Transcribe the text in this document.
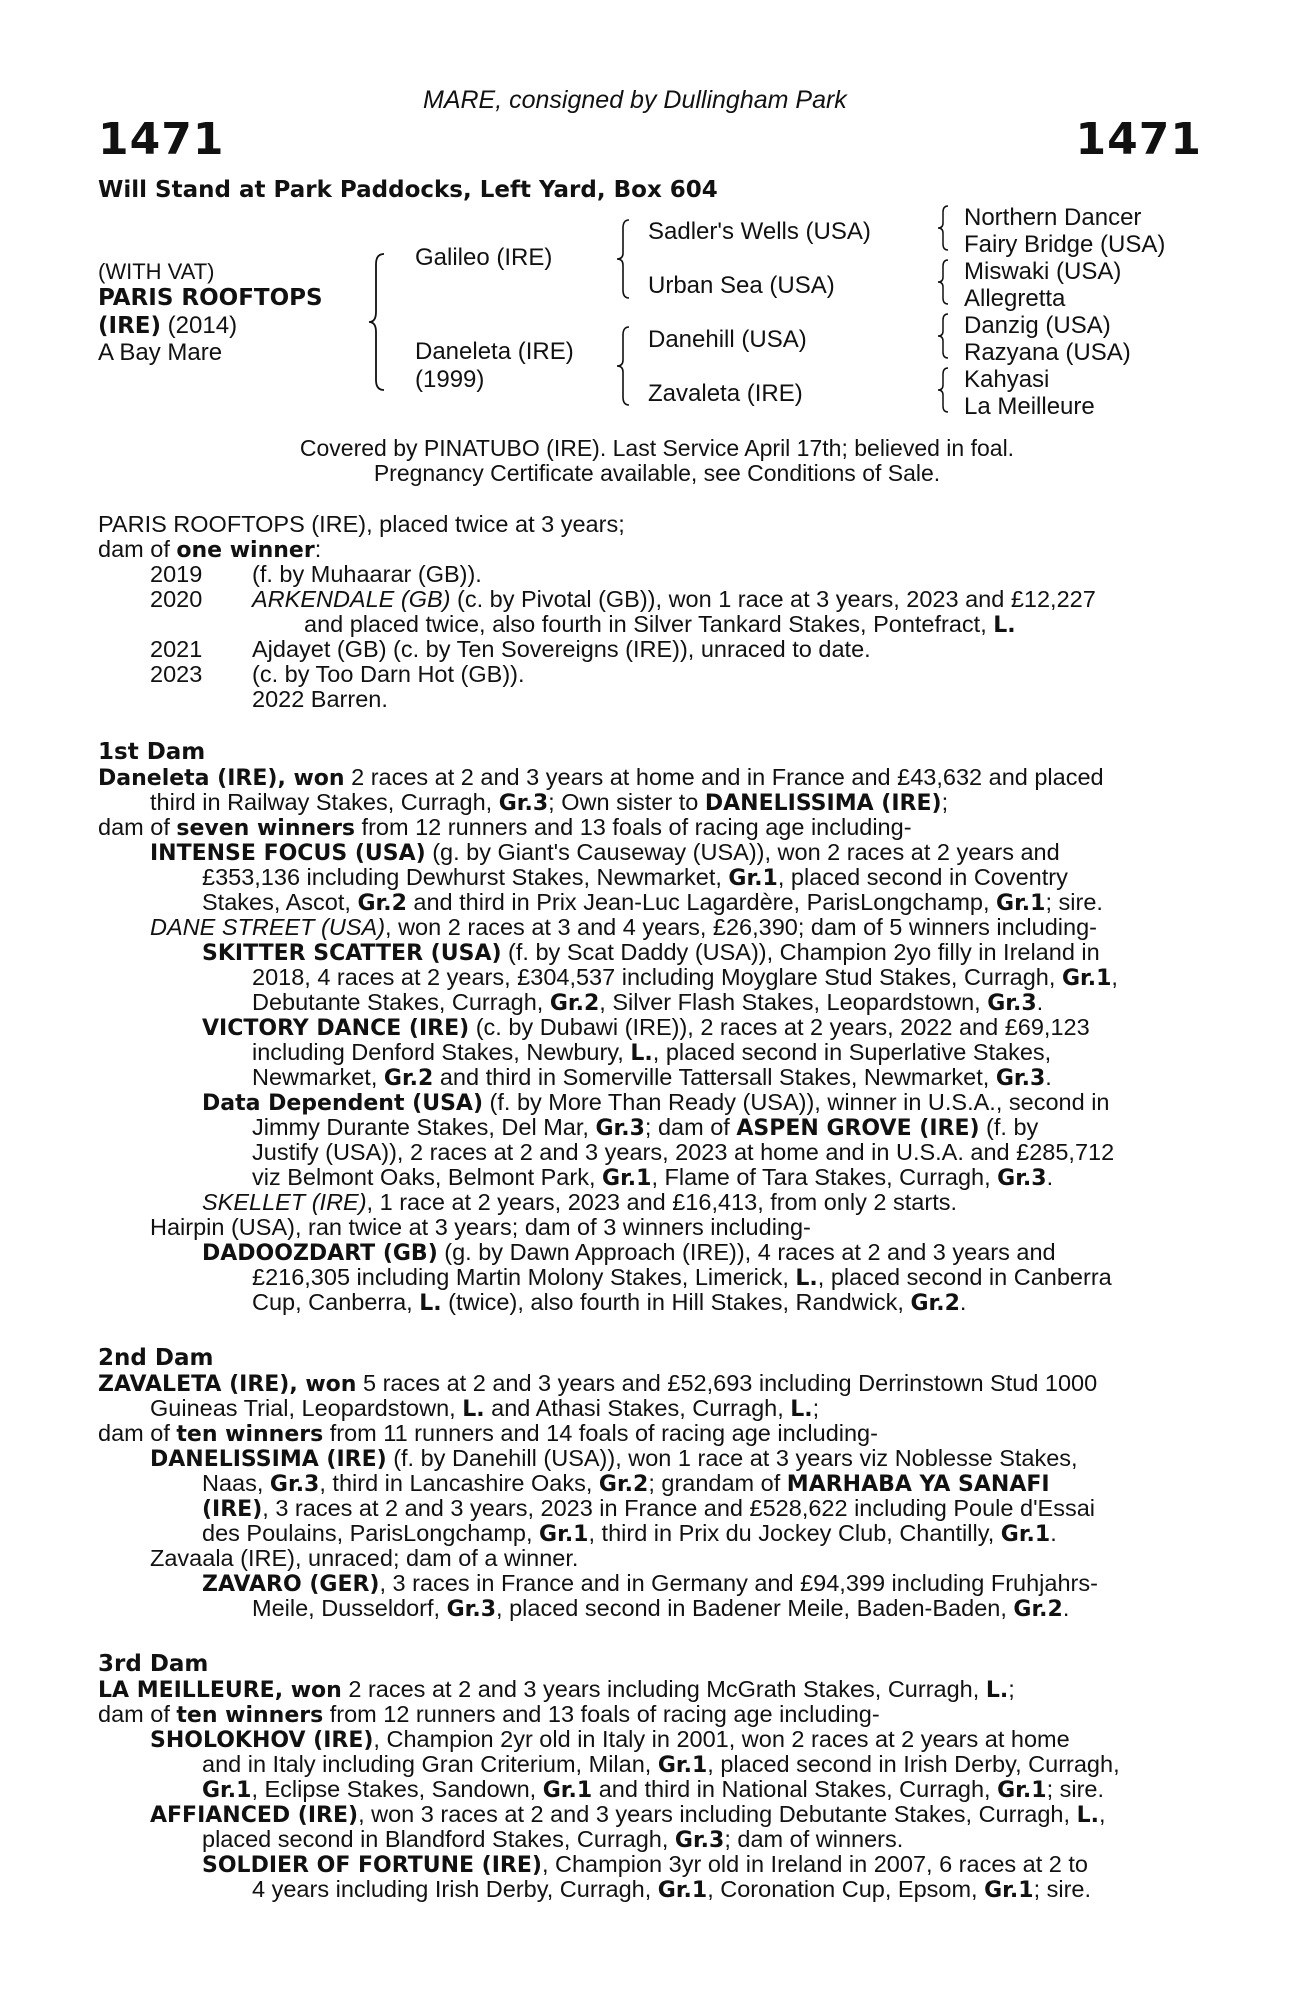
MARE, consigned by Dullingham Park
1471	1471
Will Stand at Park Paddocks, Left Yard, Box 604
(WITH VAT)
PARIS ROOFTOPS
(IRE) (2014)
A Bay Mare
Galileo (IRE)
Daneleta (IRE)
(1999)
Sadler's Wells (USA)
Urban Sea (USA)
Danehill (USA)
Zavaleta (IRE)
Northern Dancer
Fairy Bridge (USA)
Miswaki (USA)
Allegretta
Danzig (USA)
Razyana (USA)
Kahyasi
La Meilleure
Covered by PINATUBO (IRE). Last Service April 17th; believed in foal.
Pregnancy Certificate available, see Conditions of Sale.
PARIS ROOFTOPS (IRE), placed twice at 3 years;
dam of one winner:
2019 (f. by Muhaarar (GB)).
2020 ARKENDALE (GB) (c. by Pivotal (GB)), won 1 race at 3 years, 2023 and £12,227
and placed twice, also fourth in Silver Tankard Stakes, Pontefract, L.
2021 Ajdayet (GB) (c. by Ten Sovereigns (IRE)), unraced to date.
2023 (c. by Too Darn Hot (GB)).
2022 Barren.
1st Dam
Daneleta (IRE), won 2 races at 2 and 3 years at home and in France and £43,632 and placed
third in Railway Stakes, Curragh, Gr.3; Own sister to DANELISSIMA (IRE);
dam of seven winners from 12 runners and 13 foals of racing age including-
INTENSE FOCUS (USA) (g. by Giant's Causeway (USA)), won 2 races at 2 years and
£353,136 including Dewhurst Stakes, Newmarket, Gr.1, placed second in Coventry
Stakes, Ascot, Gr.2 and third in Prix Jean-Luc Lagardère, ParisLongchamp, Gr.1; sire.
DANE STREET (USA), won 2 races at 3 and 4 years, £26,390; dam of 5 winners including-
SKITTER SCATTER (USA) (f. by Scat Daddy (USA)), Champion 2yo filly in Ireland in
2018, 4 races at 2 years, £304,537 including Moyglare Stud Stakes, Curragh, Gr.1,
Debutante Stakes, Curragh, Gr.2, Silver Flash Stakes, Leopardstown, Gr.3.
VICTORY DANCE (IRE) (c. by Dubawi (IRE)), 2 races at 2 years, 2022 and £69,123
including Denford Stakes, Newbury, L., placed second in Superlative Stakes,
Newmarket, Gr.2 and third in Somerville Tattersall Stakes, Newmarket, Gr.3.
Data Dependent (USA) (f. by More Than Ready (USA)), winner in U.S.A., second in
Jimmy Durante Stakes, Del Mar, Gr.3; dam of ASPEN GROVE (IRE) (f. by
Justify (USA)), 2 races at 2 and 3 years, 2023 at home and in U.S.A. and £285,712
viz Belmont Oaks, Belmont Park, Gr.1, Flame of Tara Stakes, Curragh, Gr.3.
SKELLET (IRE), 1 race at 2 years, 2023 and £16,413, from only 2 starts.
Hairpin (USA), ran twice at 3 years; dam of 3 winners including-
DADOOZDART (GB) (g. by Dawn Approach (IRE)), 4 races at 2 and 3 years and
£216,305 including Martin Molony Stakes, Limerick, L., placed second in Canberra
Cup, Canberra, L. (twice), also fourth in Hill Stakes, Randwick, Gr.2.
2nd Dam
ZAVALETA (IRE), won 5 races at 2 and 3 years and £52,693 including Derrinstown Stud 1000
Guineas Trial, Leopardstown, L. and Athasi Stakes, Curragh, L.;
dam of ten winners from 11 runners and 14 foals of racing age including-
DANELISSIMA (IRE) (f. by Danehill (USA)), won 1 race at 3 years viz Noblesse Stakes,
Naas, Gr.3, third in Lancashire Oaks, Gr.2; grandam of MARHABA YA SANAFI
(IRE), 3 races at 2 and 3 years, 2023 in France and £528,622 including Poule d'Essai
des Poulains, ParisLongchamp, Gr.1, third in Prix du Jockey Club, Chantilly, Gr.1.
Zavaala (IRE), unraced; dam of a winner.
ZAVARO (GER), 3 races in France and in Germany and £94,399 including Fruhjahrs-
Meile, Dusseldorf, Gr.3, placed second in Badener Meile, Baden-Baden, Gr.2.
3rd Dam
LA MEILLEURE, won 2 races at 2 and 3 years including McGrath Stakes, Curragh, L.;
dam of ten winners from 12 runners and 13 foals of racing age including-
SHOLOKHOV (IRE), Champion 2yr old in Italy in 2001, won 2 races at 2 years at home
and in Italy including Gran Criterium, Milan, Gr.1, placed second in Irish Derby, Curragh,
Gr.1, Eclipse Stakes, Sandown, Gr.1 and third in National Stakes, Curragh, Gr.1; sire.
AFFIANCED (IRE), won 3 races at 2 and 3 years including Debutante Stakes, Curragh, L.,
placed second in Blandford Stakes, Curragh, Gr.3; dam of winners.
SOLDIER OF FORTUNE (IRE), Champion 3yr old in Ireland in 2007, 6 races at 2 to
4 years including Irish Derby, Curragh, Gr.1, Coronation Cup, Epsom, Gr.1; sire.
